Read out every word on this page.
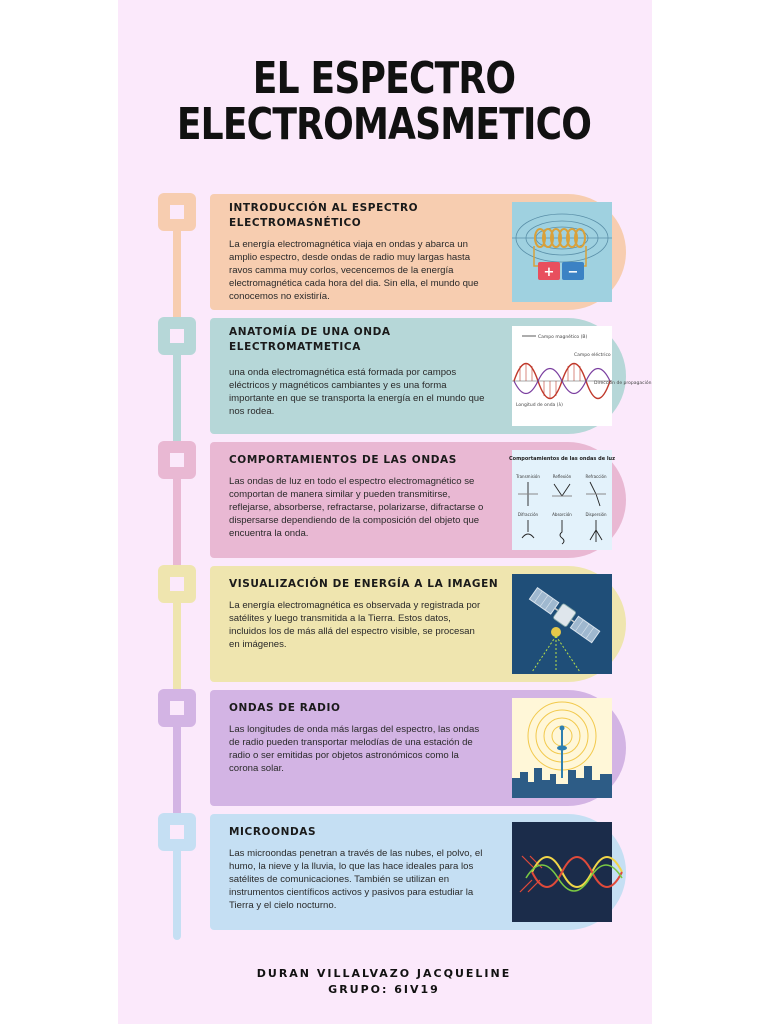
EL ESPECTRO
ELECTROMASMETICO
INTRODUCCIÓN AL ESPECTRO ELECTROMASNÉTICO
La energía electromagnética viaja en ondas y abarca un amplio espectro, desde ondas de radio muy largas hasta ravos camma muy corlos, vecencemos de la energía electromagnética cada hora del dia. Sin ella, el mundo que conocemos no existiría.
+ −
ANATOMÍA DE UNA ONDA ELECTROMATMETICA
una onda electromagnética está formada por campos eléctricos y magnéticos cambiantes y es una forma importante en que se transporta la energía en el mundo que nos rodea.
Campo magnético (B)
Campo eléctrico
Dirección de propagación
Longitud de onda (λ)
COMPORTAMIENTOS DE LAS ONDAS
Las ondas de luz en todo el espectro electromagnético se comportan de manera similar y pueden transmitirse, reflejarse, absorberse, refractarse, polarizarse, difractarse o dispersarse dependiendo de la composición del objeto que encuentra la onda.
Comportamientos de las ondas de luz
Transmisión	Reflexión	Refracción
Difracción	Absorción	Dispersión
VISUALIZACIÓN DE ENERGÍA A LA IMAGEN
La energía electromagnética es observada y registrada por satélites y luego transmitida a la Tierra. Estos datos, incluidos los de más allá del espectro visible, se procesan en imágenes.
ONDAS DE RADIO
Las longitudes de onda más largas del espectro, las ondas de radio pueden transportar melodías de una estación de radio o ser emitidas por objetos astronómicos como la corona solar.
MICROONDAS
Las microondas penetran a través de las nubes, el polvo, el humo, la nieve y la lluvia, lo que las hace ideales para los satélites de comunicaciones. También se utilizan en instrumentos científicos activos y pasivos para estudiar la Tierra y el cielo nocturno.
DURAN VILLALVAZO JACQUELINE
GRUPO: 6IV19
